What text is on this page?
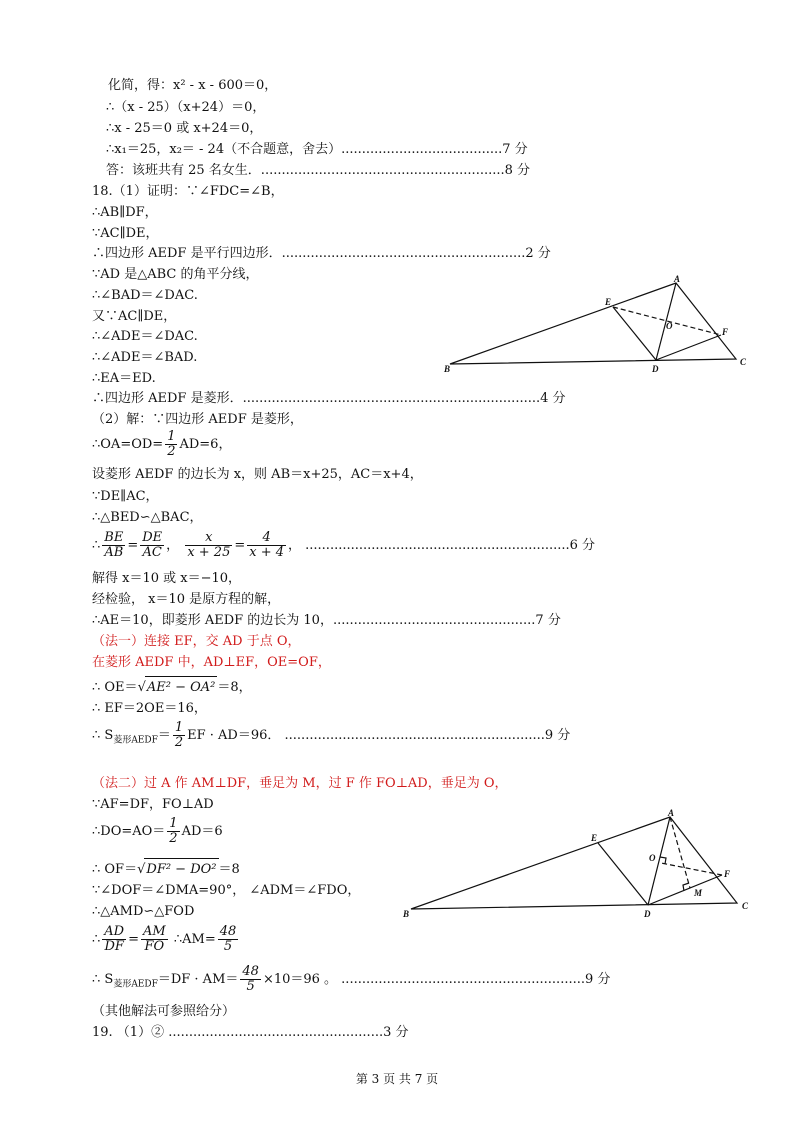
化简，得：x² - x - 600＝0，
∴（x - 25）（x+24）＝0，
∴x - 25＝0 或 x+24＝0，
∴x₁＝25，x₂＝ - 24（不合题意，舍去）.......................................7 分
答：该班共有 25 名女生．...........................................................8 分
18.（1）证明：∵∠FDC=∠B，
∴AB∥DF，
∵AC∥DE，
∴四边形 AEDF 是平行四边形．...........................................................2 分
∵AD 是△ABC 的角平分线，
∴∠BAD＝∠DAC.
又∵AC∥DE，
∴∠ADE＝∠DAC.
∴∠ADE＝∠BAD.
∴EA＝ED.
∴四边形 AEDF 是菱形．........................................................................4 分
（2）解：∵四边形 AEDF 是菱形，
∴OA=OD= $\frac{1}{2} AD=6$，
设菱形 AEDF 的边长为 x，则 AB＝x+25，AC＝x+4，
∵DE∥AC，
∴△BED∽△BAC，
∴ $\frac{BE}{AB} = \frac{DE}{AC}$ ， $\frac{x}{x + 25} = \frac{4}{x + 4}$ ， ................................................................6 分
解得 x＝10 或 x＝−10，
经检验， x＝10 是原方程的解，
∴AE＝10，即菱形 AEDF 的边长为 10，.................................................7 分
（法一）连接 EF，交 AD 于点 O，
在菱形 AEDF 中，AD⊥EF，OE=OF，
∴ OE＝√AE² − OA² ＝8，
∴ EF＝2OE＝16，
∴ $S_{菱形AEDF}= \frac{1}{2}$ EF · AD＝96． ...............................................................9 分
（法二）过 A 作 AM⊥DF，垂足为 M，过 F 作 FO⊥AD，垂足为 O，
∵AF=DF，FO⊥AD
∴DO=AO＝ $\frac{1}{2} AD=6$
∴ OF＝√DF² − DO² ＝8
∵∠DOF＝∠DMA=90°， ∠ADM＝∠FDO，
∴△AMD∽△FOD
∴ $\frac{AD}{DF} = \frac{AM}{FO}$ ∴AM= $\frac{48}{5}$
∴ $S_{菱形AEDF}=DF \cdot AM= \frac{48}{5} \times 10=96$ 。 ...........................................................9 分
（其他解法可参照给分）
19. （1）② ....................................................3 分
A
B
C
D
E
F
O
A
B
C
D
E
F
O
M
第 3 页 共 7 页
